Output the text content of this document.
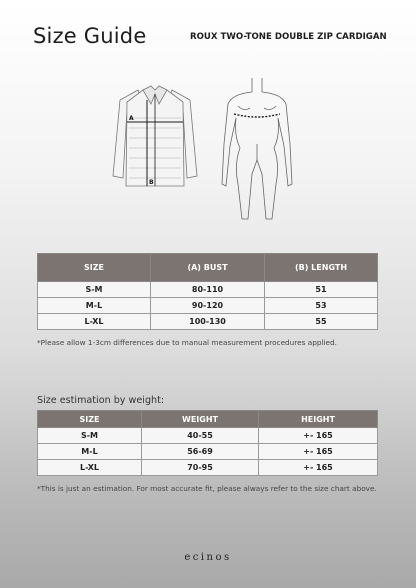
Size Guide	ROUX TWO-TONE DOUBLE ZIP CARDIGAN
A
B
SIZE	(A) BUST	(B) LENGTH
S-M	80-110	51
M-L	90-120	53
L-XL	100-130	55
*Please allow 1-3cm differences due to manual measurement procedures applied.
Size estimation by weight:
SIZE	WEIGHT	HEIGHT
S-M	40-55	+- 165
M-L	56-69	+- 165
L-XL	70-95	+- 165
*This is just an estimation. For most accurate fit, please always refer to the size chart above.
ecinos
